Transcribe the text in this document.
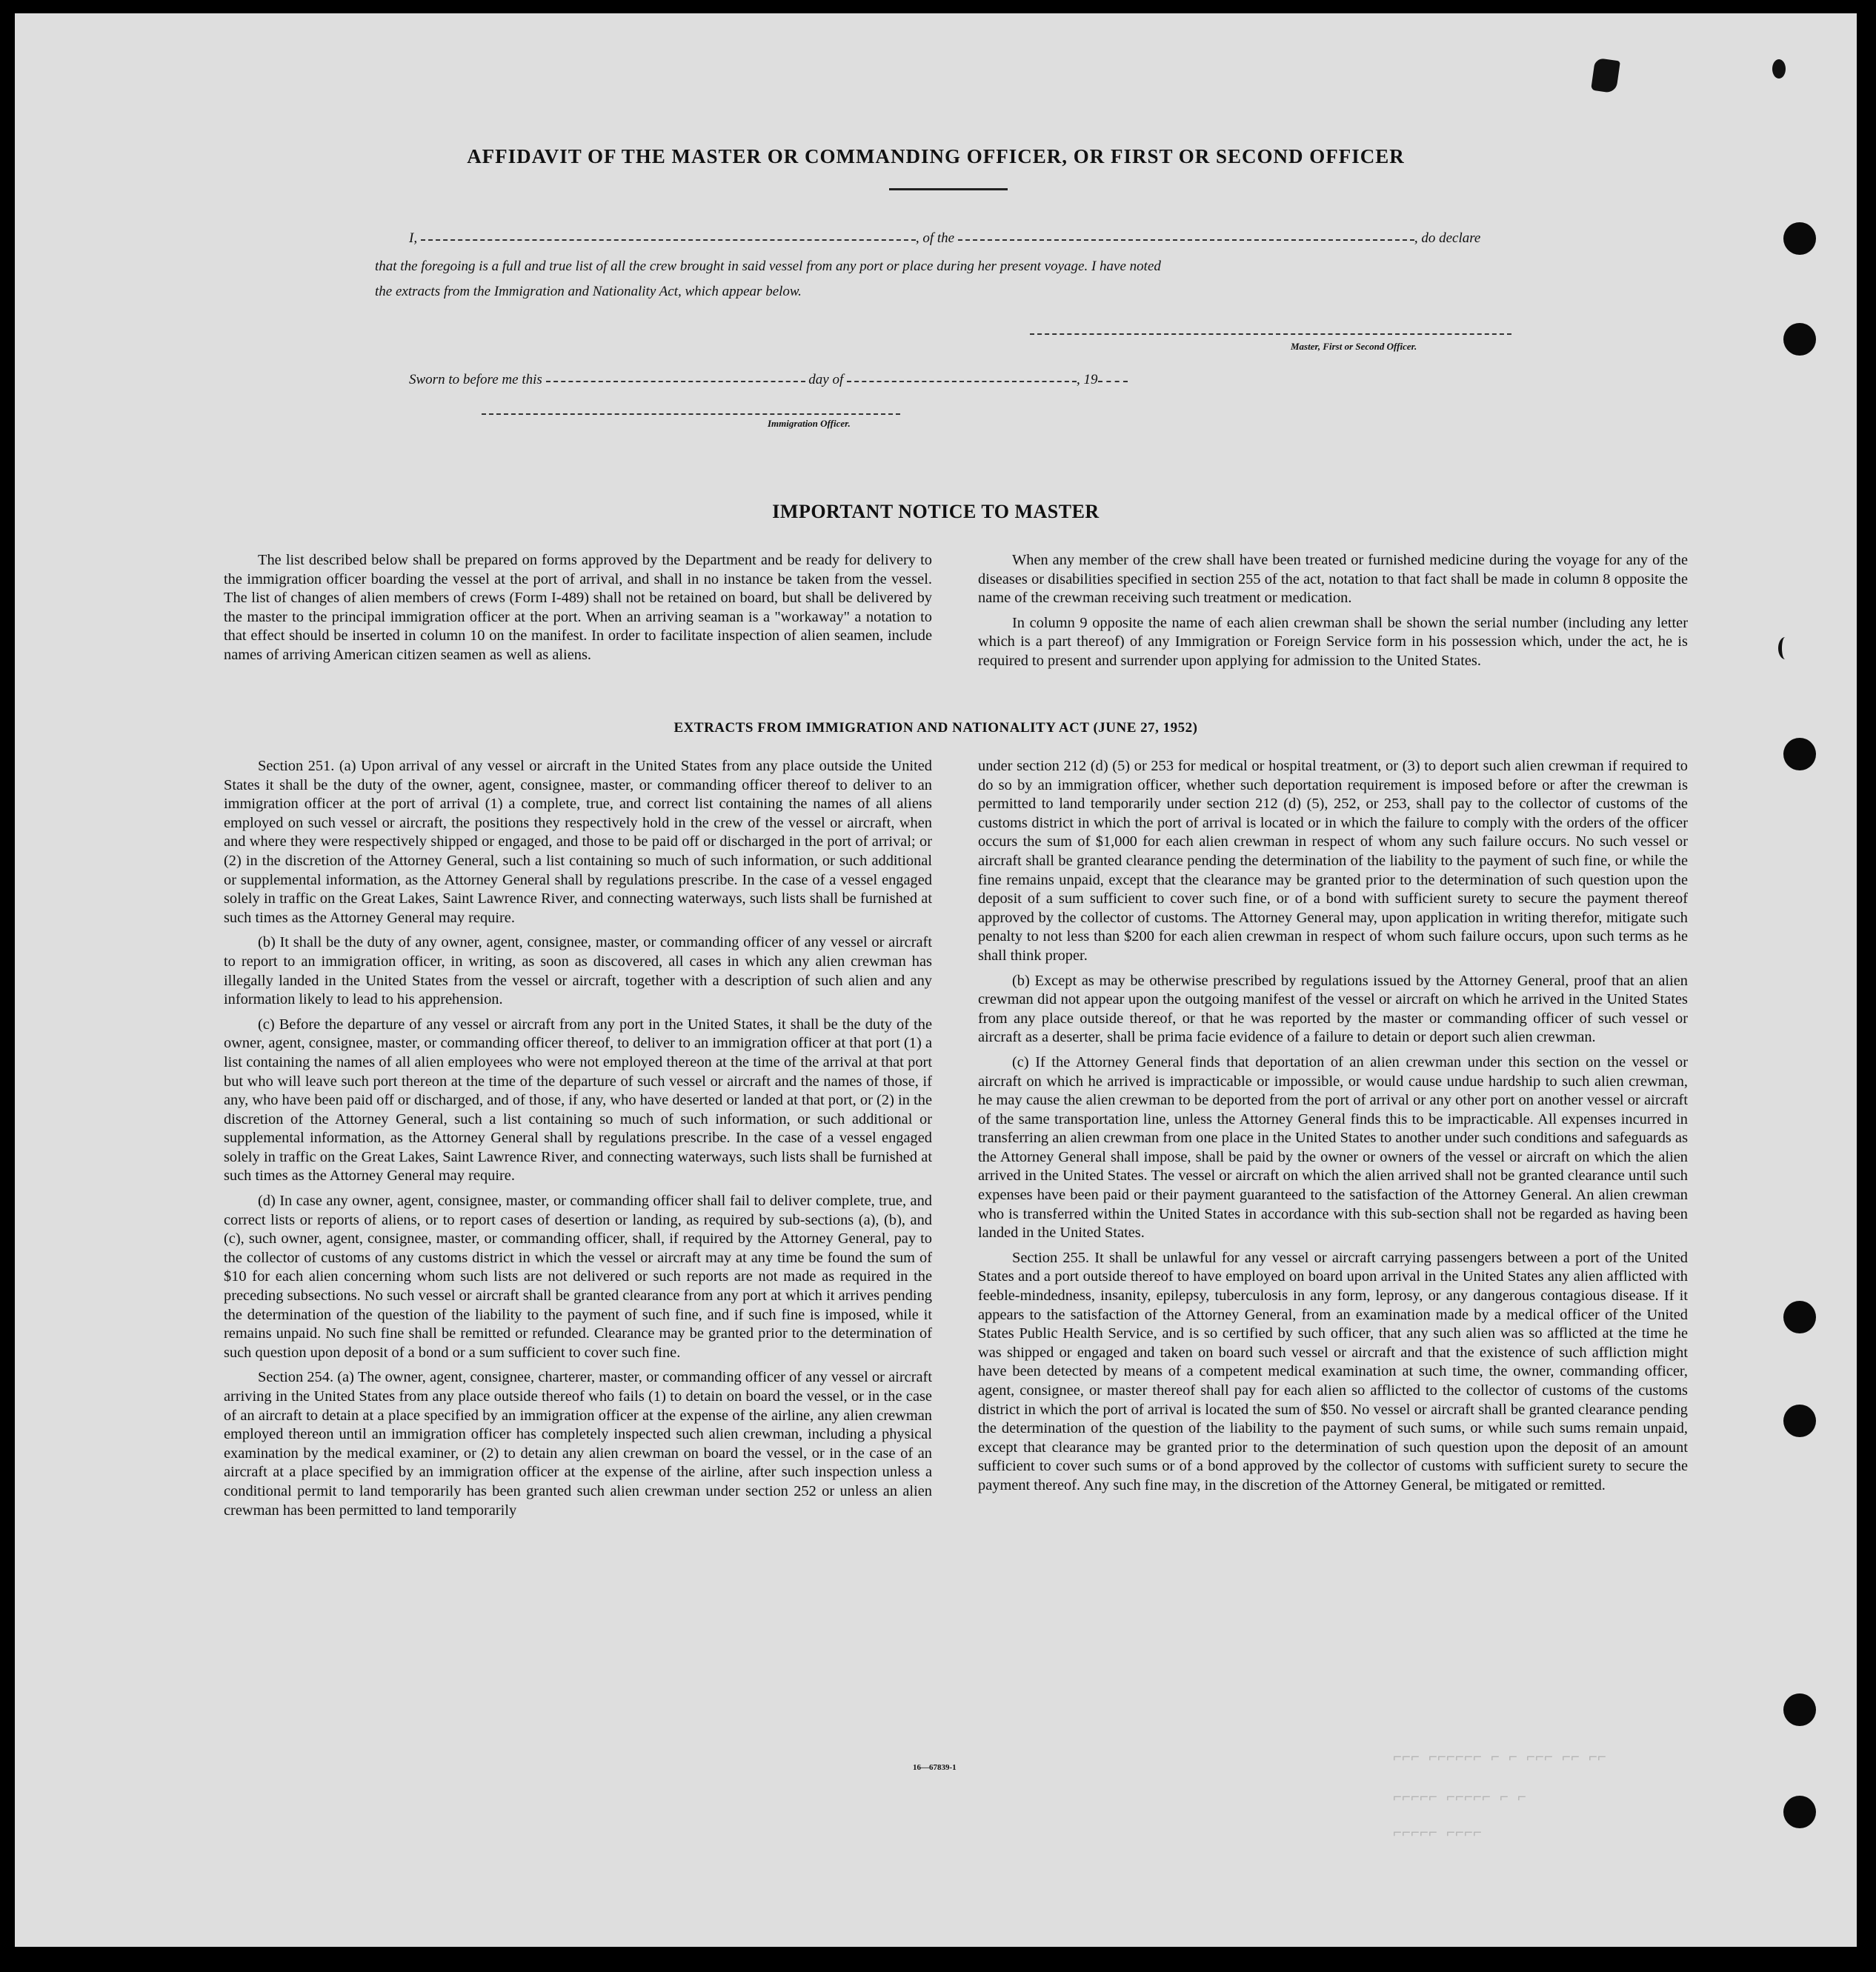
AFFIDAVIT OF THE MASTER OR COMMANDING OFFICER, OR FIRST OR SECOND OFFICER
I,	, of the	, do declare
that the foregoing is a full and true list of all the crew brought in said vessel from any port or place during her present voyage. I have noted
the extracts from the Immigration and Nationality Act, which appear below.
Master, First or Second Officer.
Sworn to before me this	day of	, 19
Immigration Officer.
IMPORTANT NOTICE TO MASTER

The list described below shall be prepared on forms approved by the Department and be ready for delivery to the immigration officer boarding the vessel at the port of arrival, and shall in no instance be taken from the vessel. The list of changes of alien members of crews (Form I-489) shall not be retained on board, but shall be delivered by the master to the principal immigration officer at the port. When an arriving seaman is a "workaway" a notation to that effect should be inserted in column 10 on the manifest. In order to facilitate inspection of alien seamen, include names of arriving American citizen seamen as well as aliens.

When any member of the crew shall have been treated or furnished medicine during the voyage for any of the diseases or disabilities specified in section 255 of the act, notation to that fact shall be made in column 8 opposite the name of the crewman receiving such treatment or medication.

In column 9 opposite the name of each alien crewman shall be shown the serial number (including any letter which is a part thereof) of any Immigration or Foreign Service form in his possession which, under the act, he is required to present and surrender upon applying for admission to the United States.

EXTRACTS FROM IMMIGRATION AND NATIONALITY ACT (JUNE 27, 1952)

Section 251. (a) Upon arrival of any vessel or aircraft in the United States from any place outside the United States it shall be the duty of the owner, agent, consignee, master, or commanding officer thereof to deliver to an immigration officer at the port of arrival (1) a complete, true, and correct list containing the names of all aliens employed on such vessel or aircraft, the positions they respectively hold in the crew of the vessel or aircraft, when and where they were respectively shipped or engaged, and those to be paid off or discharged in the port of arrival; or (2) in the discretion of the Attorney General, such a list containing so much of such information, or such additional or supplemental information, as the Attorney General shall by regulations prescribe. In the case of a vessel engaged solely in traffic on the Great Lakes, Saint Lawrence River, and connecting waterways, such lists shall be furnished at such times as the Attorney General may require.

(b) It shall be the duty of any owner, agent, consignee, master, or commanding officer of any vessel or aircraft to report to an immigration officer, in writing, as soon as discovered, all cases in which any alien crewman has illegally landed in the United States from the vessel or aircraft, together with a description of such alien and any information likely to lead to his apprehension.

(c) Before the departure of any vessel or aircraft from any port in the United States, it shall be the duty of the owner, agent, consignee, master, or commanding officer thereof, to deliver to an immigration officer at that port (1) a list containing the names of all alien employees who were not employed thereon at the time of the arrival at that port but who will leave such port thereon at the time of the departure of such vessel or aircraft and the names of those, if any, who have been paid off or discharged, and of those, if any, who have deserted or landed at that port, or (2) in the discretion of the Attorney General, such a list containing so much of such information, or such additional or supplemental information, as the Attorney General shall by regulations prescribe. In the case of a vessel engaged solely in traffic on the Great Lakes, Saint Lawrence River, and connecting waterways, such lists shall be furnished at such times as the Attorney General may require.

(d) In case any owner, agent, consignee, master, or commanding officer shall fail to deliver complete, true, and correct lists or reports of aliens, or to report cases of desertion or landing, as required by sub-sections (a), (b), and (c), such owner, agent, consignee, master, or commanding officer, shall, if required by the Attorney General, pay to the collector of customs of any customs district in which the vessel or aircraft may at any time be found the sum of $10 for each alien concerning whom such lists are not delivered or such reports are not made as required in the preceding subsections. No such vessel or aircraft shall be granted clearance from any port at which it arrives pending the determination of the question of the liability to the payment of such fine, and if such fine is imposed, while it remains unpaid. No such fine shall be remitted or refunded. Clearance may be granted prior to the determination of such question upon deposit of a bond or a sum sufficient to cover such fine.

Section 254. (a) The owner, agent, consignee, charterer, master, or commanding officer of any vessel or aircraft arriving in the United States from any place outside thereof who fails (1) to detain on board the vessel, or in the case of an aircraft to detain at a place specified by an immigration officer at the expense of the airline, any alien crewman employed thereon until an immigration officer has completely inspected such alien crewman, including a physical examination by the medical examiner, or (2) to detain any alien crewman on board the vessel, or in the case of an aircraft at a place specified by an immigration officer at the expense of the airline, after such inspection unless a conditional permit to land temporarily has been granted such alien crewman under section 252 or unless an alien crewman has been permitted to land temporarily

under section 212 (d) (5) or 253 for medical or hospital treatment, or (3) to deport such alien crewman if required to do so by an immigration officer, whether such deportation requirement is imposed before or after the crewman is permitted to land temporarily under section 212 (d) (5), 252, or 253, shall pay to the collector of customs of the customs district in which the port of arrival is located or in which the failure to comply with the orders of the officer occurs the sum of $1,000 for each alien crewman in respect of whom any such failure occurs. No such vessel or aircraft shall be granted clearance pending the determination of the liability to the payment of such fine, or while the fine remains unpaid, except that the clearance may be granted prior to the determination of such question upon the deposit of a sum sufficient to cover such fine, or of a bond with sufficient surety to secure the payment thereof approved by the collector of customs. The Attorney General may, upon application in writing therefor, mitigate such penalty to not less than $200 for each alien crewman in respect of whom such failure occurs, upon such terms as he shall think proper.

(b) Except as may be otherwise prescribed by regulations issued by the Attorney General, proof that an alien crewman did not appear upon the outgoing manifest of the vessel or aircraft on which he arrived in the United States from any place outside thereof, or that he was reported by the master or commanding officer of such vessel or aircraft as a deserter, shall be prima facie evidence of a failure to detain or deport such alien crewman.

(c) If the Attorney General finds that deportation of an alien crewman under this section on the vessel or aircraft on which he arrived is impracticable or impossible, or would cause undue hardship to such alien crewman, he may cause the alien crewman to be deported from the port of arrival or any other port on another vessel or aircraft of the same transportation line, unless the Attorney General finds this to be impracticable. All expenses incurred in transferring an alien crewman from one place in the United States to another under such conditions and safeguards as the Attorney General shall impose, shall be paid by the owner or owners of the vessel or aircraft on which the alien arrived in the United States. The vessel or aircraft on which the alien arrived shall not be granted clearance until such expenses have been paid or their payment guaranteed to the satisfaction of the Attorney General. An alien crewman who is transferred within the United States in accordance with this sub-section shall not be regarded as having been landed in the United States.

Section 255. It shall be unlawful for any vessel or aircraft carrying passengers between a port of the United States and a port outside thereof to have employed on board upon arrival in the United States any alien afflicted with feeble-mindedness, insanity, epilepsy, tuberculosis in any form, leprosy, or any dangerous contagious disease. If it appears to the satisfaction of the Attorney General, from an examination made by a medical officer of the United States Public Health Service, and is so certified by such officer, that any such alien was so afflicted at the time he was shipped or engaged and taken on board such vessel or aircraft and that the existence of such affliction might have been detected by means of a competent medical examination at such time, the owner, commanding officer, agent, consignee, or master thereof shall pay for each alien so afflicted to the collector of customs of the customs district in which the port of arrival is located the sum of $50. No vessel or aircraft shall be granted clearance pending the determination of the question of the liability to the payment of such sums, or while such sums remain unpaid, except that clearance may be granted prior to the determination of such question upon the deposit of an amount sufficient to cover such sums or of a bond approved by the collector of customs with sufficient surety to secure the payment thereof. Any such fine may, in the discretion of the Attorney General, be mitigated or remitted.

16—67839-1
⌐⌐⌐ ⌐⌐⌐⌐⌐⌐ ⌐ ⌐ ⌐⌐⌐ ⌐⌐ ⌐⌐
⌐⌐⌐⌐⌐ ⌐⌐⌐⌐⌐ ⌐ ⌐
⌐⌐⌐⌐⌐ ⌐⌐⌐⌐
